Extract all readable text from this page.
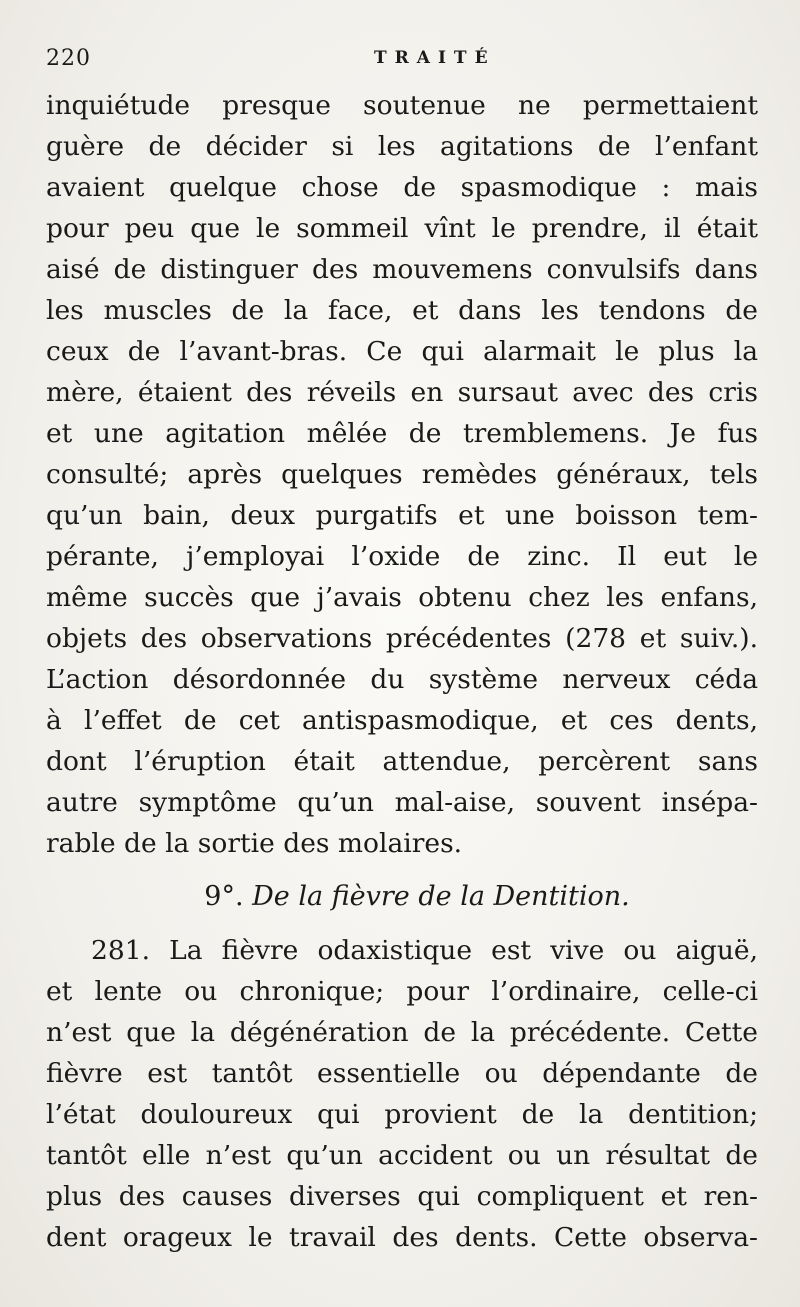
220	TRAITÉ
inquiétude presque soutenue ne permettaient
guère de décider si les agitations de l’enfant
avaient quelque chose de spasmodique : mais
pour peu que le sommeil vînt le prendre, il était
aisé de distinguer des mouvemens convulsifs dans
les muscles de la face, et dans les tendons de
ceux de l’avant-bras. Ce qui alarmait le plus la
mère, étaient des réveils en sursaut avec des cris
et une agitation mêlée de tremblemens. Je fus
consulté; après quelques remèdes généraux, tels
qu’un bain, deux purgatifs et une boisson tem-
pérante, j’employai l’oxide de zinc. Il eut le
même succès que j’avais obtenu chez les enfans,
objets des observations précédentes (278 et suiv.).
L’action désordonnée du système nerveux céda
à l’effet de cet antispasmodique, et ces dents,
dont l’éruption était attendue, percèrent sans
autre symptôme qu’un mal-aise, souvent insépa-
rable de la sortie des molaires.
9°. De la fièvre de la Dentition.
281. La fièvre odaxistique est vive ou aiguë,
et lente ou chronique; pour l’ordinaire, celle-ci
n’est que la dégénération de la précédente. Cette
fièvre est tantôt essentielle ou dépendante de
l’état douloureux qui provient de la dentition;
tantôt elle n’est qu’un accident ou un résultat de
plus des causes diverses qui compliquent et ren-
dent orageux le travail des dents. Cette observa-
